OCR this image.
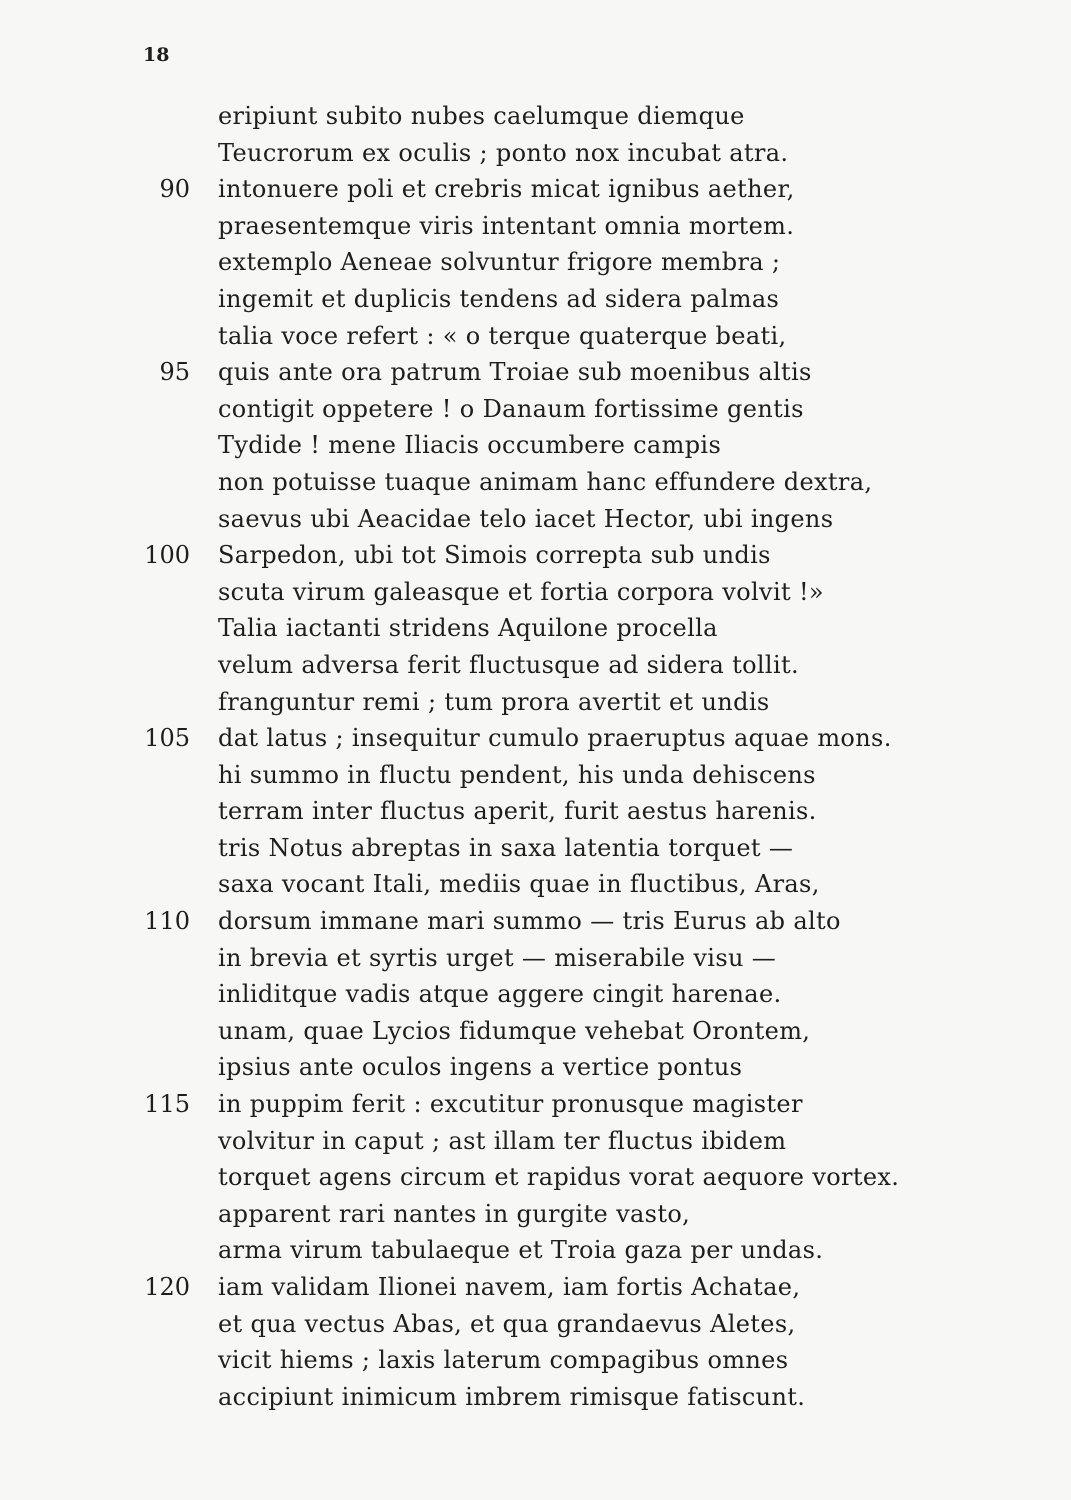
18
eripiunt subito nubes caelumque diemque
Teucrorum ex oculis ; ponto nox incubat atra.
90 intonuere poli et crebris micat ignibus aether,
praesentemque viris intentant omnia mortem.
extemplo Aeneae solvuntur frigore membra ;
ingemit et duplicis tendens ad sidera palmas
talia voce refert : « o terque quaterque beati,
95 quis ante ora patrum Troiae sub moenibus altis
contigit oppetere ! o Danaum fortissime gentis
Tydide ! mene Iliacis occumbere campis
non potuisse tuaque animam hanc effundere dextra,
saevus ubi Aeacidae telo iacet Hector, ubi ingens
100 Sarpedon, ubi tot Simois correpta sub undis
scuta virum galeasque et fortia corpora volvit !»
Talia iactanti stridens Aquilone procella
velum adversa ferit fluctusque ad sidera tollit.
franguntur remi ; tum prora avertit et undis
105 dat latus ; insequitur cumulo praeruptus aquae mons.
hi summo in fluctu pendent, his unda dehiscens
terram inter fluctus aperit, furit aestus harenis.
tris Notus abreptas in saxa latentia torquet —
saxa vocant Itali, mediis quae in fluctibus, Aras,
110 dorsum immane mari summo — tris Eurus ab alto
in brevia et syrtis urget — miserabile visu —
inliditque vadis atque aggere cingit harenae.
unam, quae Lycios fidumque vehebat Orontem,
ipsius ante oculos ingens a vertice pontus
115 in puppim ferit : excutitur pronusque magister
volvitur in caput ; ast illam ter fluctus ibidem
torquet agens circum et rapidus vorat aequore vortex.
apparent rari nantes in gurgite vasto,
arma virum tabulaeque et Troia gaza per undas.
120 iam validam Ilionei navem, iam fortis Achatae,
et qua vectus Abas, et qua grandaevus Aletes,
vicit hiems ; laxis laterum compagibus omnes
accipiunt inimicum imbrem rimisque fatiscunt.
